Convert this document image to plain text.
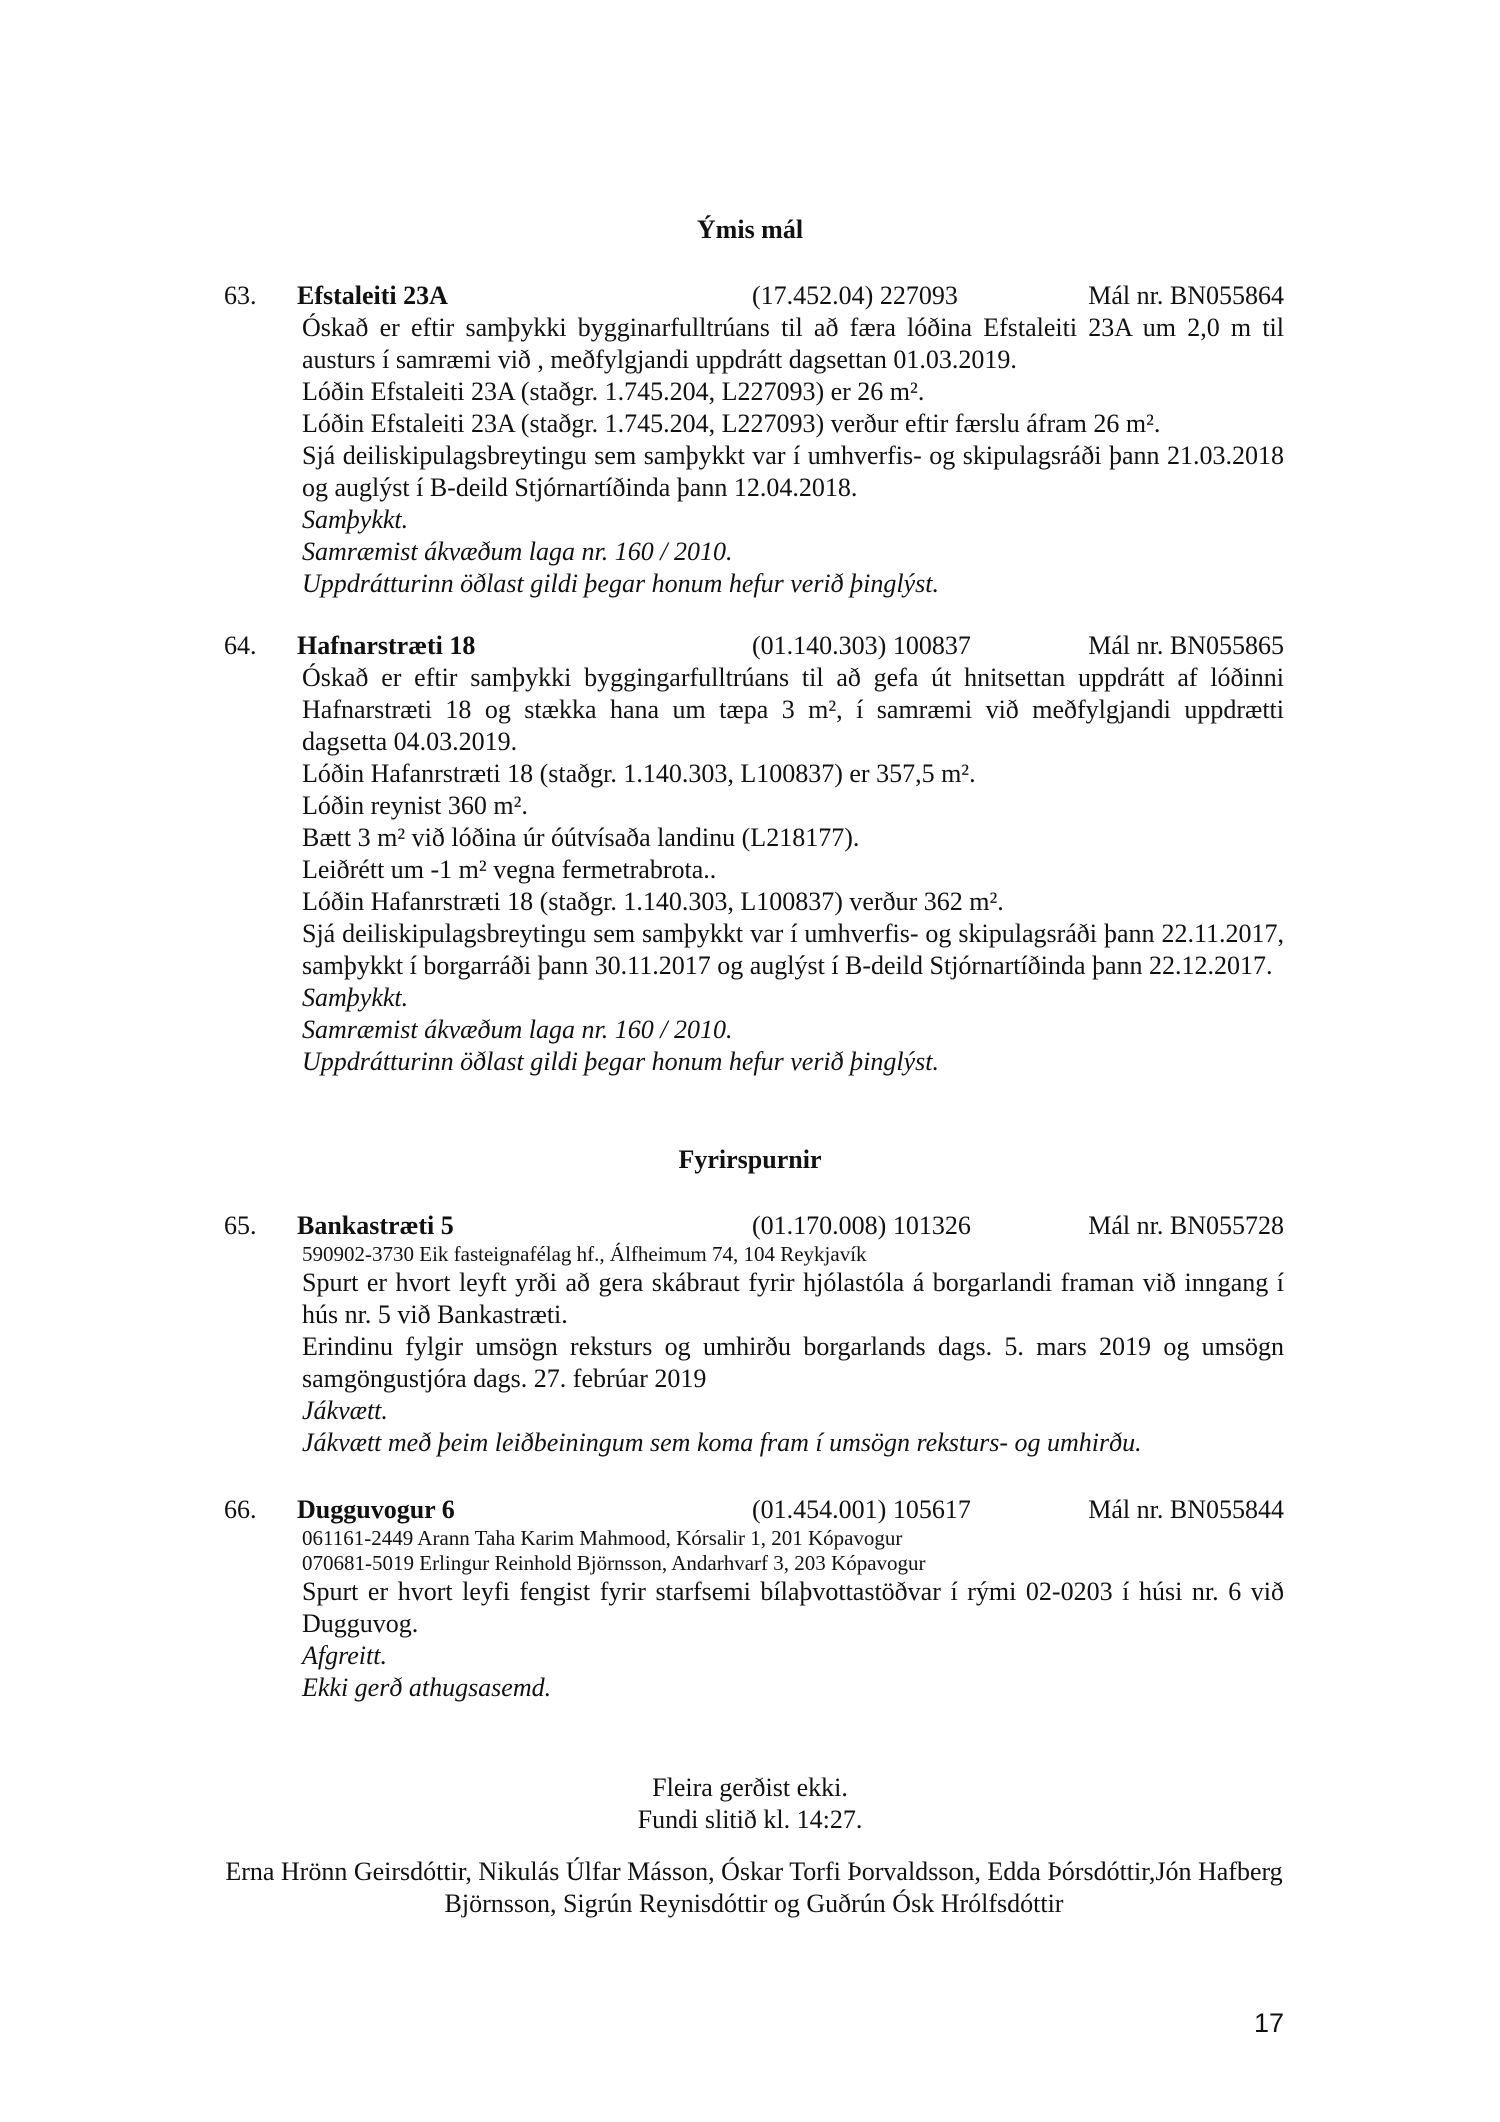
Ýmis mál
63. Efstaleiti 23A	(17.452.04) 227093	Mál nr. BN055864
Óskað er eftir samþykki bygginarfulltrúans til að færa lóðina Efstaleiti 23A um 2,0 m til austurs í samræmi við , meðfylgjandi uppdrátt dagsettan 01.03.2019.
Lóðin Efstaleiti 23A (staðgr. 1.745.204, L227093) er 26 m².
Lóðin Efstaleiti 23A (staðgr. 1.745.204, L227093) verður eftir færslu áfram 26 m².
Sjá deiliskipulagsbreytingu sem samþykkt var í umhverfis- og skipulagsráði þann 21.03.2018 og auglýst í B-deild Stjórnartíðinda þann 12.04.2018.
Samþykkt.
Samræmist ákvæðum laga nr. 160 / 2010.
Uppdrátturinn öðlast gildi þegar honum hefur verið þinglýst.
64. Hafnarstræti 18	(01.140.303) 100837	Mál nr. BN055865
Óskað er eftir samþykki byggingarfulltrúans til að gefa út hnitsettan uppdrátt af lóðinni Hafnarstræti 18 og stækka hana um tæpa 3 m², í samræmi við meðfylgjandi uppdrætti dagsetta 04.03.2019.
Lóðin Hafanrstræti 18 (staðgr. 1.140.303, L100837) er 357,5 m².
Lóðin reynist 360 m².
Bætt 3 m² við lóðina úr óútvísaða landinu (L218177).
Leiðrétt um -1 m² vegna fermetrabrota..
Lóðin Hafanrstræti 18 (staðgr. 1.140.303, L100837) verður 362 m².
Sjá deiliskipulagsbreytingu sem samþykkt var í umhverfis- og skipulagsráði þann 22.11.2017, samþykkt í borgarráði þann 30.11.2017 og auglýst í B-deild Stjórnartíðinda þann 22.12.2017.
Samþykkt.
Samræmist ákvæðum laga nr. 160 / 2010.
Uppdrátturinn öðlast gildi þegar honum hefur verið þinglýst.
Fyrirspurnir
65. Bankastræti 5	(01.170.008) 101326	Mál nr. BN055728
590902-3730 Eik fasteignafélag hf., Álfheimum 74, 104 Reykjavík
Spurt er hvort leyft yrði að gera skábraut fyrir hjólastóla á borgarlandi framan við inngang í hús nr. 5 við Bankastræti.
Erindinu fylgir umsögn reksturs og umhirðu borgarlands dags. 5. mars 2019 og umsögn samgöngustjóra dags. 27. febrúar 2019
Jákvætt.
Jákvætt með þeim leiðbeiningum sem koma fram í umsögn reksturs- og umhirðu.
66. Dugguvogur 6	(01.454.001) 105617	Mál nr. BN055844
061161-2449 Arann Taha Karim Mahmood, Kórsalir 1, 201 Kópavogur
070681-5019 Erlingur Reinhold Björnsson, Andarhvarf 3, 203 Kópavogur
Spurt er hvort leyfi fengist fyrir starfsemi bílaþvottastöðvar í rými 02-0203 í húsi nr. 6 við Dugguvog.
Afgreitt.
Ekki gerð athugsasemd.
Fleira gerðist ekki.
Fundi slitið kl. 14:27.
Erna Hrönn Geirsdóttir, Nikulás Úlfar Másson, Óskar Torfi Þorvaldsson, Edda Þórsdóttir,Jón Hafberg Björnsson, Sigrún Reynisdóttir og Guðrún Ósk Hrólfsdóttir
17
